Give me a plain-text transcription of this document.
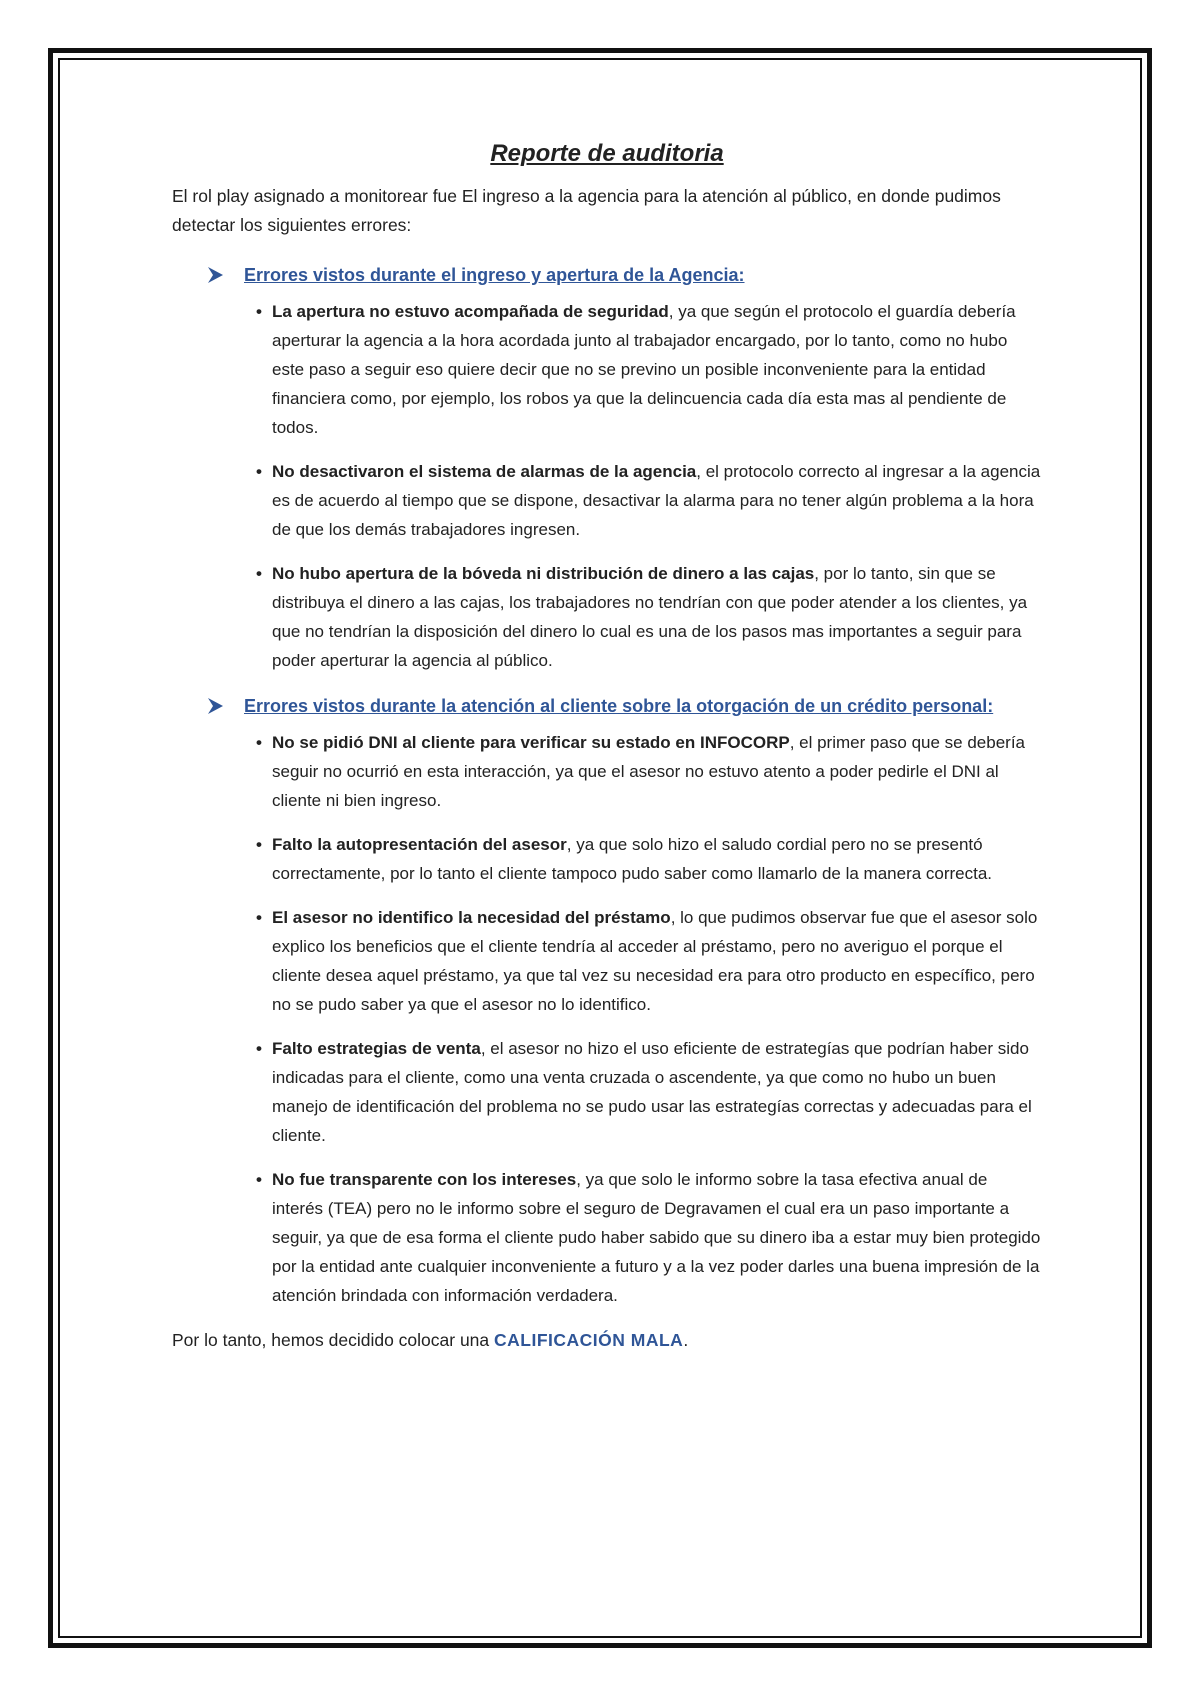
Reporte de auditoria

El rol play asignado a monitorear fue El ingreso a la agencia para la atención al público, en donde pudimos detectar los siguientes errores:

Errores vistos durante el ingreso y apertura de la Agencia:
• La apertura no estuvo acompañada de seguridad, ya que según el protocolo el guardía debería aperturar la agencia a la hora acordada junto al trabajador encargado, por lo tanto, como no hubo este paso a seguir eso quiere decir que no se previno un posible inconveniente para la entidad financiera como, por ejemplo, los robos ya que la delincuencia cada día esta mas al pendiente de todos.
• No desactivaron el sistema de alarmas de la agencia, el protocolo correcto al ingresar a la agencia es de acuerdo al tiempo que se dispone, desactivar la alarma para no tener algún problema a la hora de que los demás trabajadores ingresen.
• No hubo apertura de la bóveda ni distribución de dinero a las cajas, por lo tanto, sin que se distribuya el dinero a las cajas, los trabajadores no tendrían con que poder atender a los clientes, ya que no tendrían la disposición del dinero lo cual es una de los pasos mas importantes a seguir para poder aperturar la agencia al público.
Errores vistos durante la atención al cliente sobre la otorgación de un crédito personal:
• No se pidió DNI al cliente para verificar su estado en INFOCORP, el primer paso que se debería seguir no ocurrió en esta interacción, ya que el asesor no estuvo atento a poder pedirle el DNI al cliente ni bien ingreso.
• Falto la autopresentación del asesor, ya que solo hizo el saludo cordial pero no se presentó correctamente, por lo tanto el cliente tampoco pudo saber como llamarlo de la manera correcta.
• El asesor no identifico la necesidad del préstamo, lo que pudimos observar fue que el asesor solo explico los beneficios que el cliente tendría al acceder al préstamo, pero no averiguo el porque el cliente desea aquel préstamo, ya que tal vez su necesidad era para otro producto en específico, pero no se pudo saber ya que el asesor no lo identifico.
• Falto estrategias de venta, el asesor no hizo el uso eficiente de estrategías que podrían haber sido indicadas para el cliente, como una venta cruzada o ascendente, ya que como no hubo un buen manejo de identificación del problema no se pudo usar las estrategías correctas y adecuadas para el cliente.
• No fue transparente con los intereses, ya que solo le informo sobre la tasa efectiva anual de interés (TEA) pero no le informo sobre el seguro de Degravamen el cual era un paso importante a seguir, ya que de esa forma el cliente pudo haber sabido que su dinero iba a estar muy bien protegido por la entidad ante cualquier inconveniente a futuro y a la vez poder darles una buena impresión de la atención brindada con información verdadera.

Por lo tanto, hemos decidido colocar una CALIFICACIÓN MALA.
